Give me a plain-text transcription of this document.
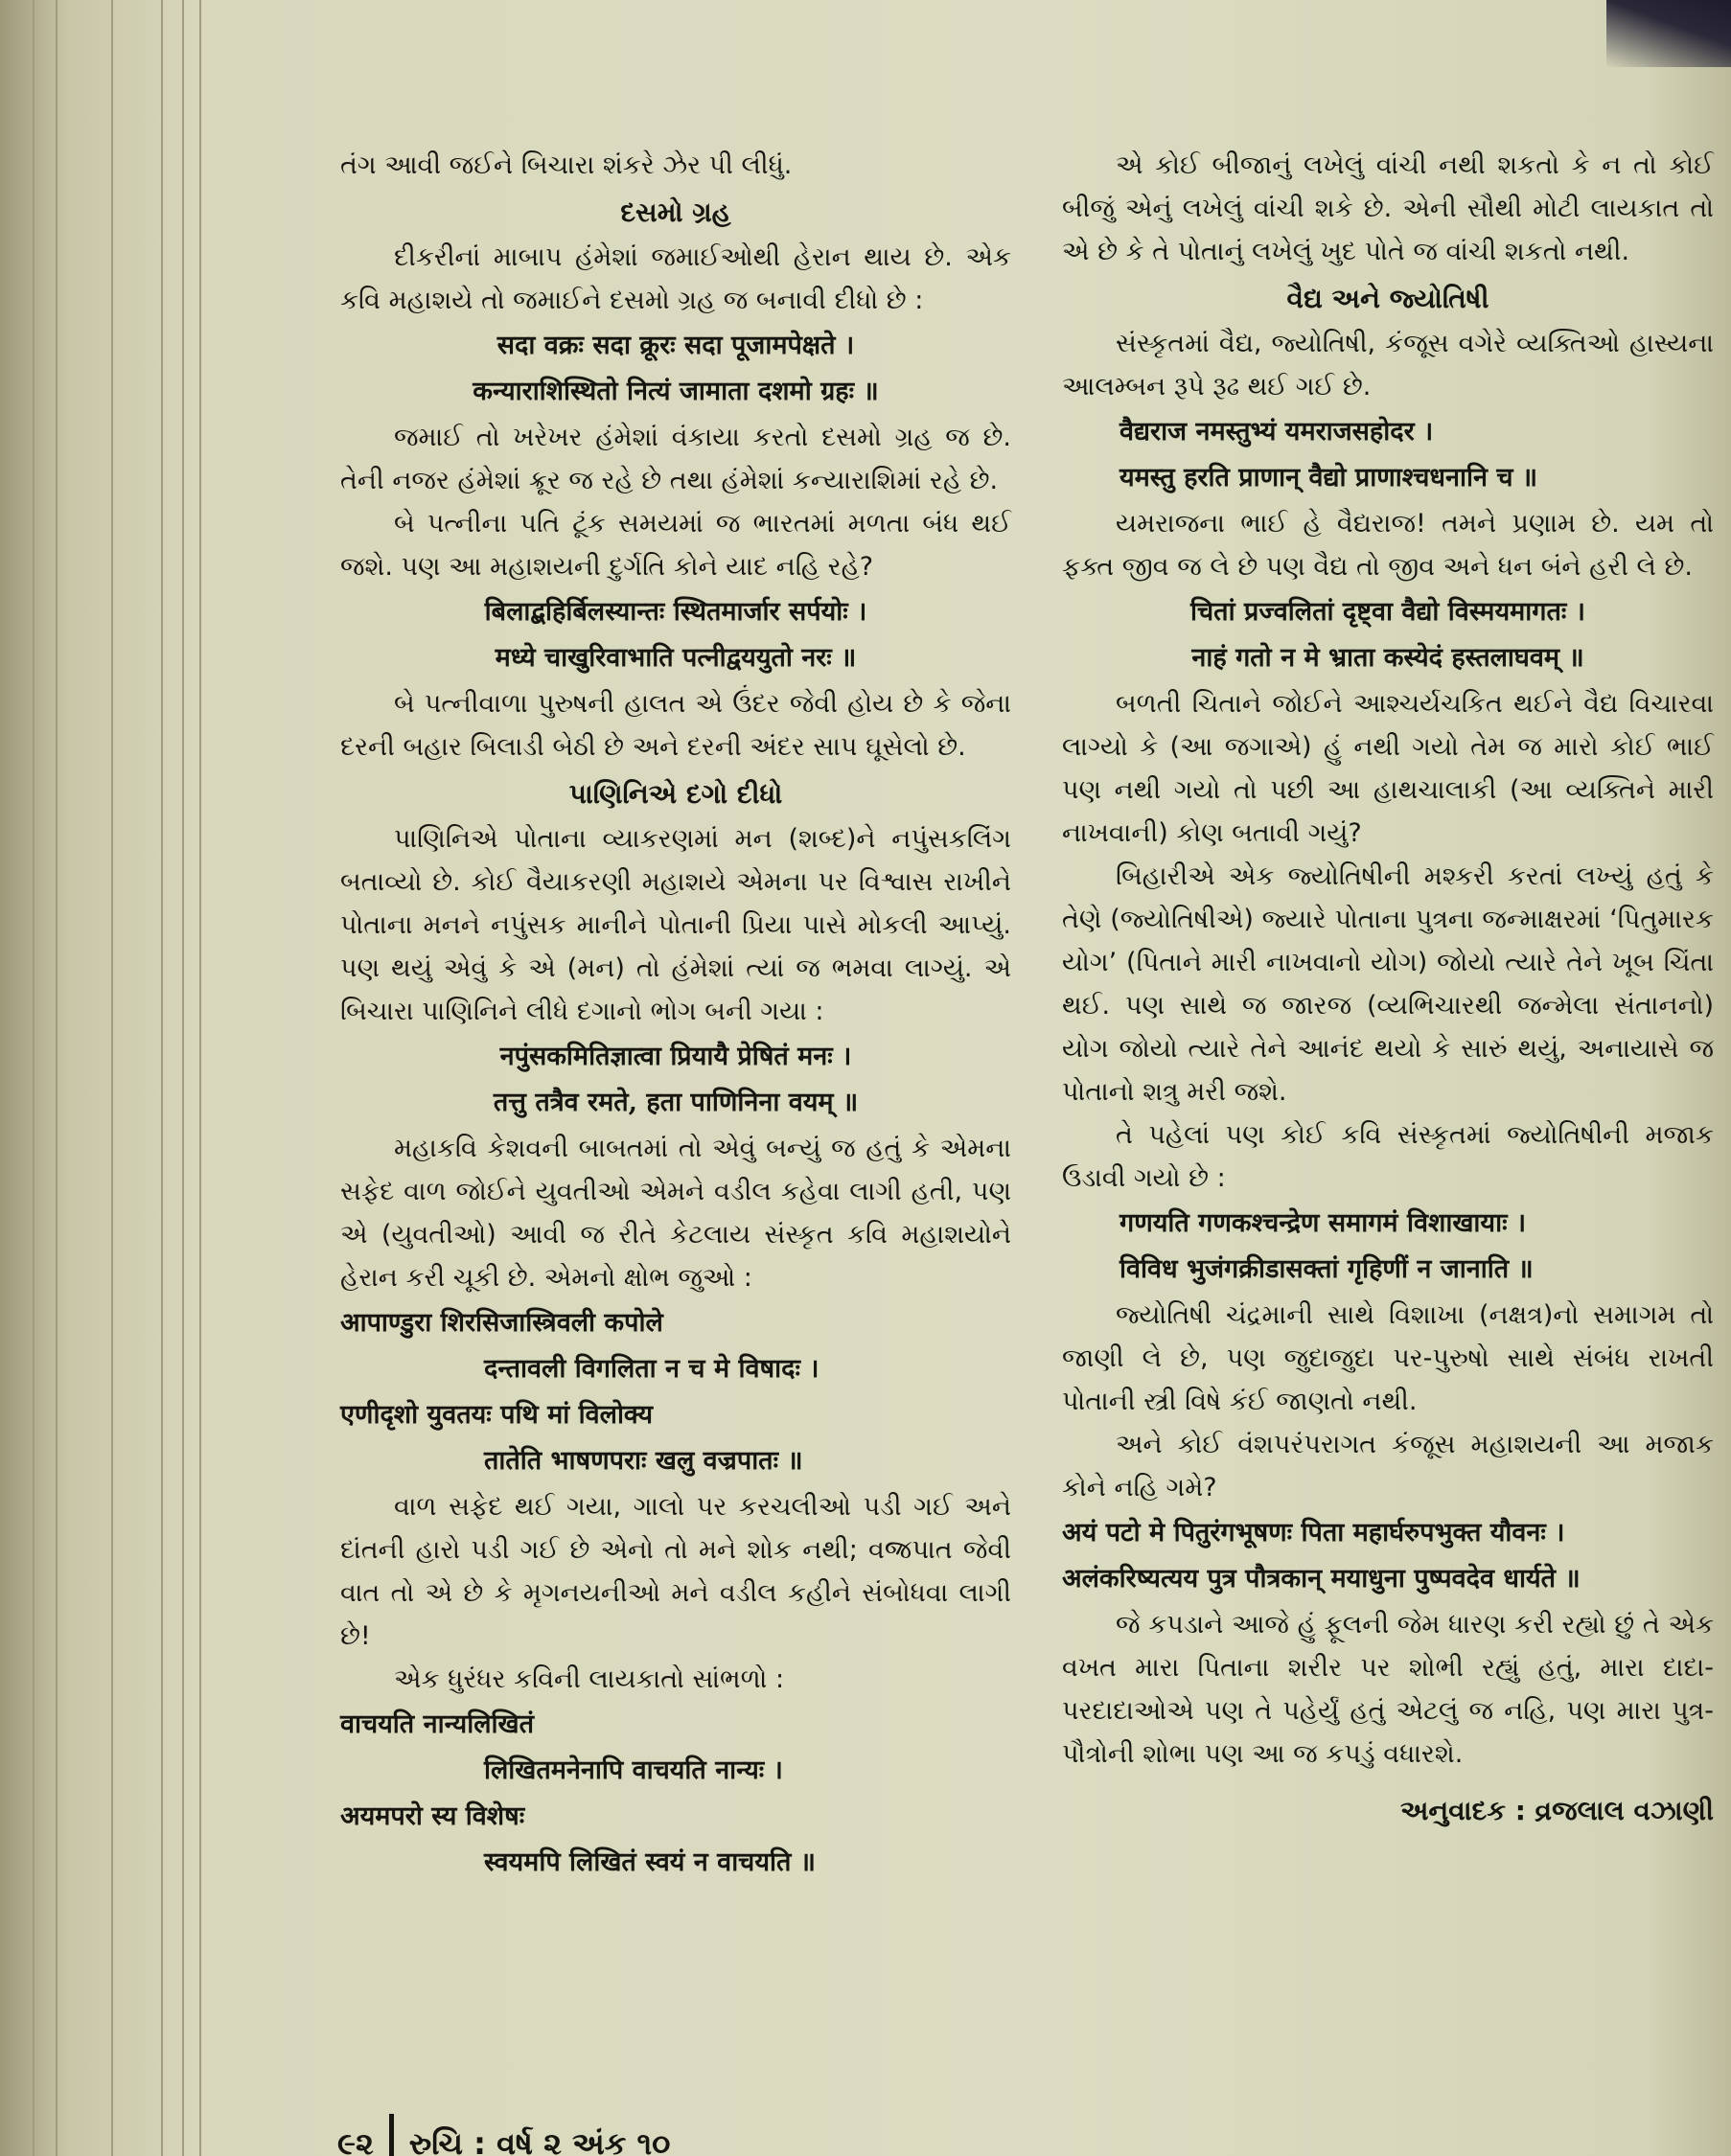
તંગ આવી જઈને બિચારા શંકરે ઝેર પી લીધું.

દસમો ગ્રહ

દીકરીનાં માબાપ હંમેશાં જમાઈઓથી હેરાન થાય છે. એક કવિ મહાશયે તો જમાઈને દસમો ગ્રહ જ બનાવી દીધો છે :

सदा वक्रः सदा क्रूरः सदा पूजामपेक्षते ।
कन्याराशिस्थितो नित्यं जामाता दशमो ग्रहः ॥

જમાઈ તો ખરેખર હંમેશાં વંકાયા કરતો દસમો ગ્રહ જ છે. તેની નજર હંમેશાં ક્રૂર જ રહે છે તથા હંમેશાં કન્યારાશિમાં રહે છે.

બે પત્નીના પતિ ટૂંક સમયમાં જ ભારતમાં મળતા બંધ થઈ જશે. પણ આ મહાશયની દુર્ગતિ કોને યાદ નહિ રહે?

बिलाद्बहिर्बिलस्यान्तः स्थितमार्जार सर्पयोः ।
मध्ये चाखुरिवाभाति पत्नीद्वययुतो नरः ॥

બે પત્નીવાળા પુરુષની હાલત એ ઉંદર જેવી હોય છે કે જેના દરની બહાર બિલાડી બેઠી છે અને દરની અંદર સાપ ઘૂસેલો છે.

પાણિનિએ દગો દીધો

પાણિનિએ પોતાના વ્યાકરણમાં મન (શબ્દ)ને નપુંસકલિંગ બતાવ્યો છે. કોઈ વૈયાકરણી મહાશયે એમના પર વિશ્વાસ રાખીને પોતાના મનને નપુંસક માનીને પોતાની પ્રિયા પાસે મોકલી આપ્યું. પણ થયું એવું કે એ (મન) તો હંમેશાં ત્યાં જ ભમવા લાગ્યું. એ બિચારા પાણિનિને લીધે દગાનો ભોગ બની ગયા :

नपुंसकमितिज्ञात्वा प्रियायै प्रेषितं मनः ।
तत्तु तत्रैव रमते, हता पाणिनिना वयम् ॥

મહાકવિ કેશવની બાબતમાં તો એવું બન્યું જ હતું કે એમના સફેદ વાળ જોઈને યુવતીઓ એમને વડીલ કહેવા લાગી હતી, પણ એ (યુવતીઓ) આવી જ રીતે કેટલાય સંસ્કૃત કવિ મહાશયોને હેરાન કરી ચૂકી છે. એમનો ક્ષોભ જુઓ :

आपाण्डुरा शिरसिजास्त्रिवली कपोले
दन्तावली विगलिता न च मे विषादः ।
एणीदृशो युवतयः पथि मां विलोक्य
तातेति भाषणपराः खलु वज्रपातः ॥

વાળ સફેદ થઈ ગયા, ગાલો પર કરચલીઓ પડી ગઈ અને દાંતની હારો પડી ગઈ છે એનો તો મને શોક નથી; વજ્રપાત જેવી વાત તો એ છે કે મૃગનયનીઓ મને વડીલ કહીને સંબોધવા લાગી છે!

એક ધુરંધર કવિની લાયકાતો સાંભળો :

वाचयति नान्यलिखितं
लिखितमनेनापि वाचयति नान्यः ।
अयमपरो स्य विशेषः
स्वयमपि लिखितं स्वयं न वाचयति ॥

એ કોઈ બીજાનું લખેલું વાંચી નથી શકતો કે ન તો કોઈ બીજું એનું લખેલું વાંચી શકે છે. એની સૌથી મોટી લાયકાત તો એ છે કે તે પોતાનું લખેલું ખુદ પોતે જ વાંચી શકતો નથી.

વૈદ્ય અને જ્યોતિષી

સંસ્કૃતમાં વૈદ્ય, જ્યોતિષી, કંજૂસ વગેરે વ્યક્તિઓ હાસ્યના આલમ્બન રૂપે રૂઢ થઈ ગઈ છે.

वैद्यराज नमस्तुभ्यं यमराजसहोदर ।
यमस्तु हरति प्राणान् वैद्यो प्राणाश्चधनानि च ॥

યમરાજના ભાઈ હે વૈદ્યરાજ! તમને પ્રણામ છે. યમ તો ફક્ત જીવ જ લે છે પણ વૈદ્ય તો જીવ અને ધન બંને હરી લે છે.

चितां प्रज्वलितां दृष्ट्वा वैद्यो विस्मयमागतः ।
नाहं गतो न मे भ्राता कस्येदं हस्तलाघवम् ॥

બળતી ચિતાને જોઈને આશ્ચર્યચકિત થઈને વૈદ્ય વિચારવા લાગ્યો કે (આ જગાએ) હું નથી ગયો તેમ જ મારો કોઈ ભાઈ પણ નથી ગયો તો પછી આ હાથચાલાકી (આ વ્યક્તિને મારી નાખવાની) કોણ બતાવી ગયું?

બિહારીએ એક જ્યોતિષીની મશ્કરી કરતાં લખ્યું હતું કે તેણે (જ્યોતિષીએ) જ્યારે પોતાના પુત્રના જન્માક્ષરમાં ‘પિતુમારક યોગ’ (પિતાને મારી નાખવાનો યોગ) જોયો ત્યારે તેને ખૂબ ચિંતા થઈ. પણ સાથે જ જારજ (વ્યભિચારથી જન્મેલા સંતાનનો) યોગ જોયો ત્યારે તેને આનંદ થયો કે સારું થયું, અનાયાસે જ પોતાનો શત્રુ મરી જશે.

તે પહેલાં પણ કોઈ કવિ સંસ્કૃતમાં જ્યોતિષીની મજાક ઉડાવી ગયો છે :

गणयति गणकश्चन्द्रेण समागमं विशाखायाः ।
विविध भुजंगक्रीडासक्तां गृहिणीं न जानाति ॥

જ્યોતિષી ચંદ્રમાની સાથે વિશાખા (નક્ષત્ર)નો સમાગમ તો જાણી લે છે, પણ જુદાજુદા પર-પુરુષો સાથે સંબંધ રાખતી પોતાની સ્ત્રી વિષે કંઈ જાણતો નથી.

અને કોઈ વંશપરંપરાગત કંજૂસ મહાશયની આ મજાક કોને નહિ ગમે?

अयं पटो मे पितुरंगभूषणः पिता महार्घरुपभुक्त यौवनः ।
अलंकरिष्यत्यय पुत्र पौत्रकान् मयाधुना पुष्पवदेव धार्यते ॥

જે કપડાને આજે હું ફૂલની જેમ ધારણ કરી રહ્યો છું તે એક વખત મારા પિતાના શરીર પર શોભી રહ્યું હતું, મારા દાદા-પરદાદાઓએ પણ તે પહેર્યું હતું એટલું જ નહિ, પણ મારા પુત્ર-પૌત્રોની શોભા પણ આ જ કપડું વધારશે.

અનુવાદક : વ્રજલાલ વઝાણી
૯૨ રુચિ : વર્ષ ૨ અંક ૧૦
